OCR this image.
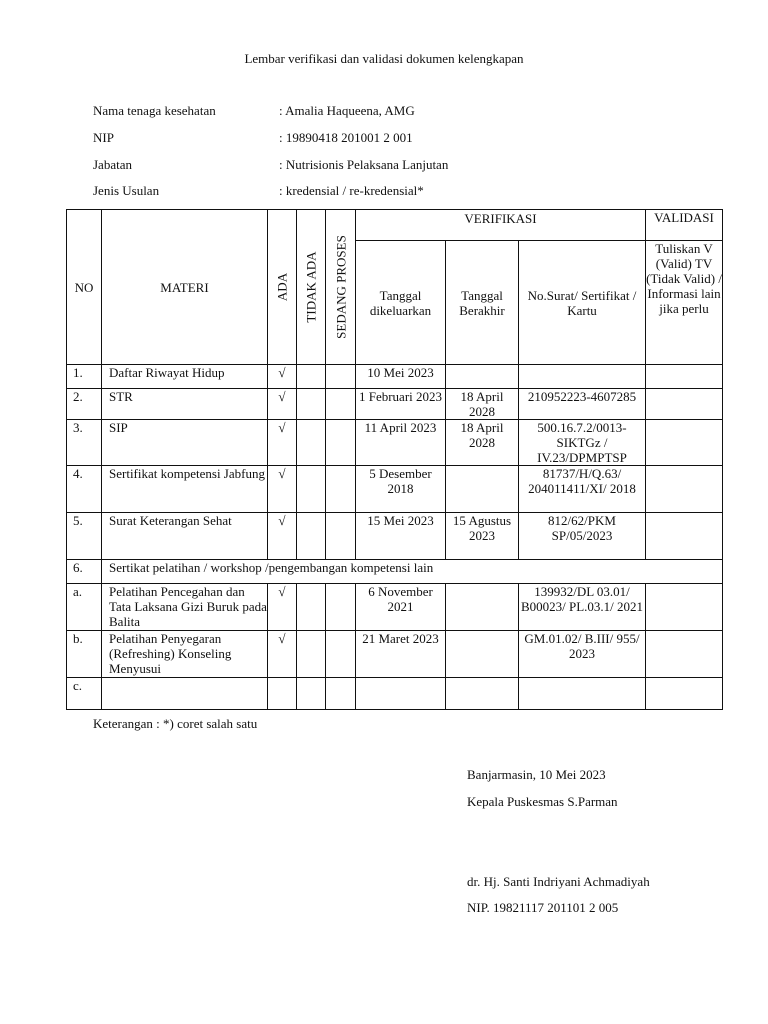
Lembar verifikasi dan validasi dokumen kelengkapan
Nama tenaga kesehatan	: Amalia Haqueena, AMG
NIP	: 19890418 201001 2 001
Jabatan	: Nutrisionis Pelaksana Lanjutan
Jenis Usulan	: kredensial / re-kredensial*
NO	MATERI	ADA	TIDAK ADA	SEDANG PROSES	VERIFIKASI			VALIDASI
					Tanggal dikeluarkan	Tanggal Berakhir	No.Surat/ Sertifikat / Kartu	Tuliskan V (Valid) TV (Tidak Valid) / Informasi lain jika perlu
1.	Daftar Riwayat Hidup	√			10 Mei 2023			
2.	STR	√			1 Februari 2023	18 April 2028	210952223-4607285	
3.	SIP	√			11 April 2023	18 April 2028	500.16.7.2/0013-SIKTGz / IV.23/DPMPTSP	
4.	Sertifikat kompetensi Jabfung	√			5 Desember 2018		81737/H/Q.63/ 204011411/XI/ 2018	
5.	Surat Keterangan Sehat	√			15 Mei 2023	15 Agustus 2023	812/62/PKM SP/05/2023	
6.	Sertikat pelatihan / workshop /pengembangan kompetensi lain							
a.	Pelatihan Pencegahan dan Tata Laksana Gizi Buruk pada Balita	√			6 November 2021		139932/DL 03.01/ B00023/ PL.03.1/ 2021	
b.	Pelatihan Penyegaran (Refreshing) Konseling Menyusui	√			21 Maret 2023		GM.01.02/ B.III/ 955/ 2023	
c.								
Keterangan : *) coret salah satu
Banjarmasin, 10 Mei 2023
Kepala Puskesmas S.Parman
dr. Hj. Santi Indriyani Achmadiyah
NIP. 19821117 201101 2 005
